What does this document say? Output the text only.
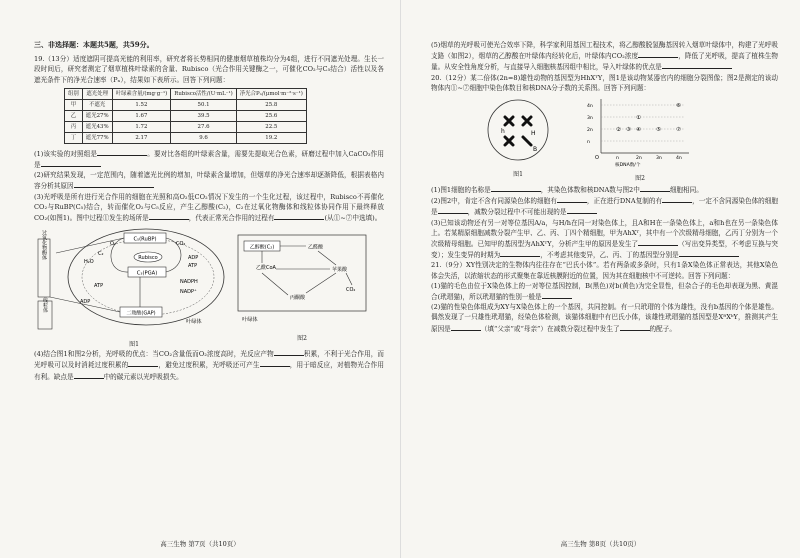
三、非选择题：本题共5题，共59分。

19.（13分）适度遮阴可提高光能的利用率，研究者将长势相同的健康烟草植株均分为4组，进行不同遮光处理。生长一段时间后，研究者测定了烟草植株叶绿素的含量、Rubisco（光合作用关键酶之一，可催化CO₂与C₅结合）活性以及各遮光条件下的净光合速率（Pₙ），结果如下表所示。回答下列问题：

组别	遮光处理	叶绿素含量/(mg·g⁻¹)	Rubisco活性/(U·mL⁻¹)	凈光合Pₙ/(μmol·m⁻²·s⁻¹)
甲	不遮光	1.52	50.1	25.8
乙	遮光27%	1.67	39.5	25.6
丙	遮光43%	1.72	27.6	22.5
丁	遮光77%	2.17	9.6	19.2

(1)该实验的对照组是	。要对比各组的叶绿素含量，需要先提取光合色素，研磨过程中加入CaCO₃作用是

(2)研究结果发现，一定范围内，随着遮光比例的增加，叶绿素含量增加，但烟草的净光合速率却逐渐降低，根据表格内容分析其原因

(3)光呼吸是所有进行光合作用的细胞在光照和高O₂低CO₂情况下发生的一个生化过程，该过程中，Rubisco不再催化CO₂与RuBP(C₅)结合，转而催化O₂与C₅反应，产生乙醇酸(C₂)，C₂在过氧化物酶体和线粒体协同作用下最终释放CO₂(如图1)。图中过程①发生的场所是	，代表正常光合作用的过程有	(从①~⑦中选填)。

过氧化物酶体
线粒体
C₅(RuBP)
Rubisco
C₃(PGA)
二羧酸(GAP)
C₂
CO₂
H₂O
O₂
ATP
ADP
NADPH
NADP⁺
ATP
ADP
叶绿体
图1
乙醇酸(C₂)	乙醛酸
乙酰CoA	苹果酸
丙酮酸
CO₂
叶绿体
图2

(4)结合图1和图2分析，光呼吸的优点：当CO₂含量低而O₂浓度高时，光反应产物	积累，不利于光合作用，而光呼吸可以及时消耗过度积累的	，避免过度积累，光呼吸还可产生	，用于暗反应，对植物光合作用有利。缺点是	中的碳元素以光呼吸损失。

高三生物 第7页（共10页）

(5)烟草的光呼吸可使光合效率下降，科学家利用基因工程技术，将乙醇酸脱氢酶基因转入烟草叶绿体中，构建了光呼吸支路（如图2），烟草的乙醇酸在叶绿体内经转化后，叶绿体内CO₂浓度	，降低了光呼吸，提高了植株生物量。从安全性角度分析，与直接导入细胞核基因组中相比，导入叶绿体的优点是

20.（12分）某二倍体(2n=8)雄性动物的基因型为HhXᵀY，图1是该动物某器官内的细胞分裂图像；图2是测定的该动物体内①~⑦细胞中染色体数目和核DNA分子数的关系图。回答下列问题：

h	H
B
图1
O
核DNA数/个
4n
3n
2n
n
n	2n	3n	4n
①
② ③ ④	⑤
⑥
⑦
图2

(1)图1细胞的名称是	，其染色体数和核DNA数与图2中	细胞相同。

(2)图2中，肯定不含有同源染色体的细胞有	，正在进行DNA复制的有	，一定不含同源染色体的细胞是	，减数分裂过程中不可能出现的是

(3)已知该动物还有另一对等位基因A/a，与H/h在同一对染色体上，且A和H在一条染色体上，a和h也在另一条染色体上。若某精原细胞减数分裂产生甲、乙、丙、丁四个精细胞，甲为AhXᵀ，其中有一个次级精母细胞，乙丙丁分别为一个次级精母细胞。已知甲的基因型为AhXᵀY，分析产生甲的原因是发生了	（写出变异类型，不考虑互换与突变）；发生变异的时期为	，不考虑其他变异，乙、丙、丁的基因型分别是

21.（9分）XY性别决定的生物体内往往存在“巴氏小体”。若有两条或多条时，只有1条X染色体正常表达，其他X染色体会失活，以浓缩状态的形式聚集在靠近核膜附近的位置，因为其在细胞核中不可逆转。回答下列问题：

(1)猫的毛色由位于X染色体上的一对等位基因控制，B(黑色)对b(黄色)为完全显性，但杂合子的毛色却表现为黑、黄混合(玳瑁猫)，所以玳瑁猫的性别一般是

(2)猫的性染色体组成为XY与X染色体上的一个基因，共同控制。有一只玳瑁的个体为雄性，没有b基因的个体是雄性。偶然发现了一只雄性玳瑁猫，经染色体检测，该猫体细胞中有巴氏小体，该雄性玳瑁猫的基因型是XᴮXᵇY，推测其产生原因是	（填“父亲”或“母亲”）在减数分裂过程中发生了	的配子。

高三生物 第8页（共10页）
